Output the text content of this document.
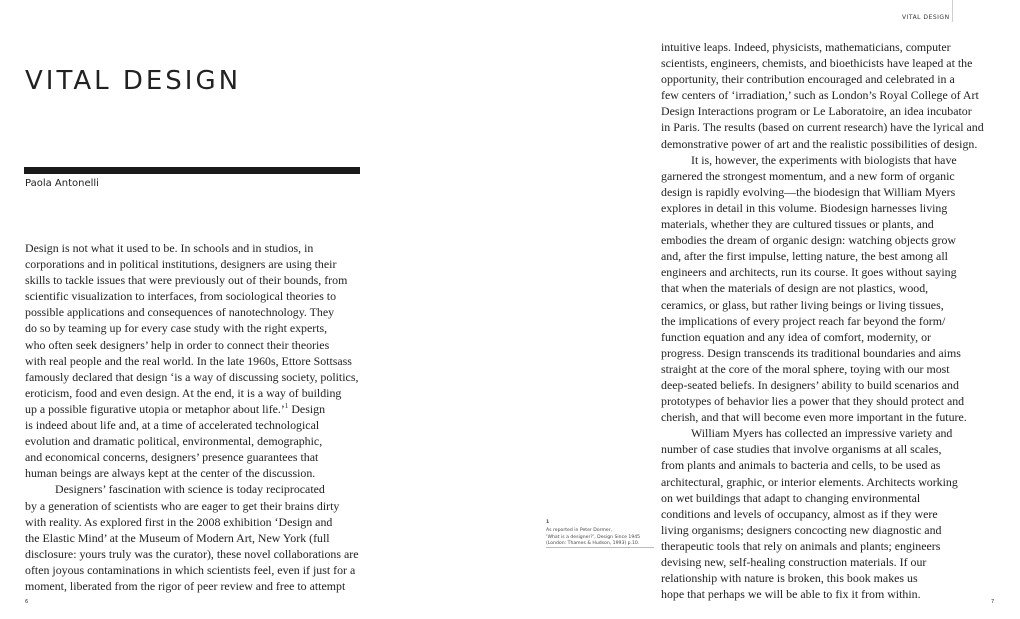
VITAL DESIGN
VITAL DESIGN
Paola Antonelli
Design is not what it used to be. In schools and in studios, in
corporations and in political institutions, designers are using their
skills to tackle issues that were previously out of their bounds, from
scientific visualization to interfaces, from sociological theories to
possible applications and consequences of nanotechnology. They
do so by teaming up for every case study with the right experts,
who often seek designers’ help in order to connect their theories
with real people and the real world. In the late 1960s, Ettore Sottsass
famously declared that design ‘is a way of discussing society, politics,
eroticism, food and even design. At the end, it is a way of building
up a possible figurative utopia or metaphor about life.’$^1$ Design
is indeed about life and, at a time of accelerated technological
evolution and dramatic political, environmental, demographic,
and economical concerns, designers’ presence guarantees that
human beings are always kept at the center of the discussion.
Designers’ fascination with science is today reciprocated
by a generation of scientists who are eager to get their brains dirty
with reality. As explored first in the 2008 exhibition ‘Design and
the Elastic Mind’ at the Museum of Modern Art, New York (full
disclosure: yours truly was the curator), these novel collaborations are
often joyous contaminations in which scientists feel, even if just for a
moment, liberated from the rigor of peer review and free to attempt
intuitive leaps. Indeed, physicists, mathematicians, computer
scientists, engineers, chemists, and bioethicists have leaped at the
opportunity, their contribution encouraged and celebrated in a
few centers of ‘irradiation,’ such as London’s Royal College of Art
Design Interactions program or Le Laboratoire, an idea incubator
in Paris. The results (based on current research) have the lyrical and
demonstrative power of art and the realistic possibilities of design.
It is, however, the experiments with biologists that have
garnered the strongest momentum, and a new form of organic
design is rapidly evolving—the biodesign that William Myers
explores in detail in this volume. Biodesign harnesses living
materials, whether they are cultured tissues or plants, and
embodies the dream of organic design: watching objects grow
and, after the first impulse, letting nature, the best among all
engineers and architects, run its course. It goes without saying
that when the materials of design are not plastics, wood,
ceramics, or glass, but rather living beings or living tissues,
the implications of every project reach far beyond the form/
function equation and any idea of comfort, modernity, or
progress. Design transcends its traditional boundaries and aims
straight at the core of the moral sphere, toying with our most
deep-seated beliefs. In designers’ ability to build scenarios and
prototypes of behavior lies a power that they should protect and
cherish, and that will become even more important in the future.
William Myers has collected an impressive variety and
number of case studies that involve organisms at all scales,
from plants and animals to bacteria and cells, to be used as
architectural, graphic, or interior elements. Architects working
on wet buildings that adapt to changing environmental
conditions and levels of occupancy, almost as if they were
living organisms; designers concocting new diagnostic and
therapeutic tools that rely on animals and plants; engineers
devising new, self-healing construction materials. If our
relationship with nature is broken, this book makes us
hope that perhaps we will be able to fix it from within.
1
As reported in Peter Dormer,
‘What is a designer?’, Design Since 1945
(London: Thames & Hudson, 1993) p.10.
6	7
